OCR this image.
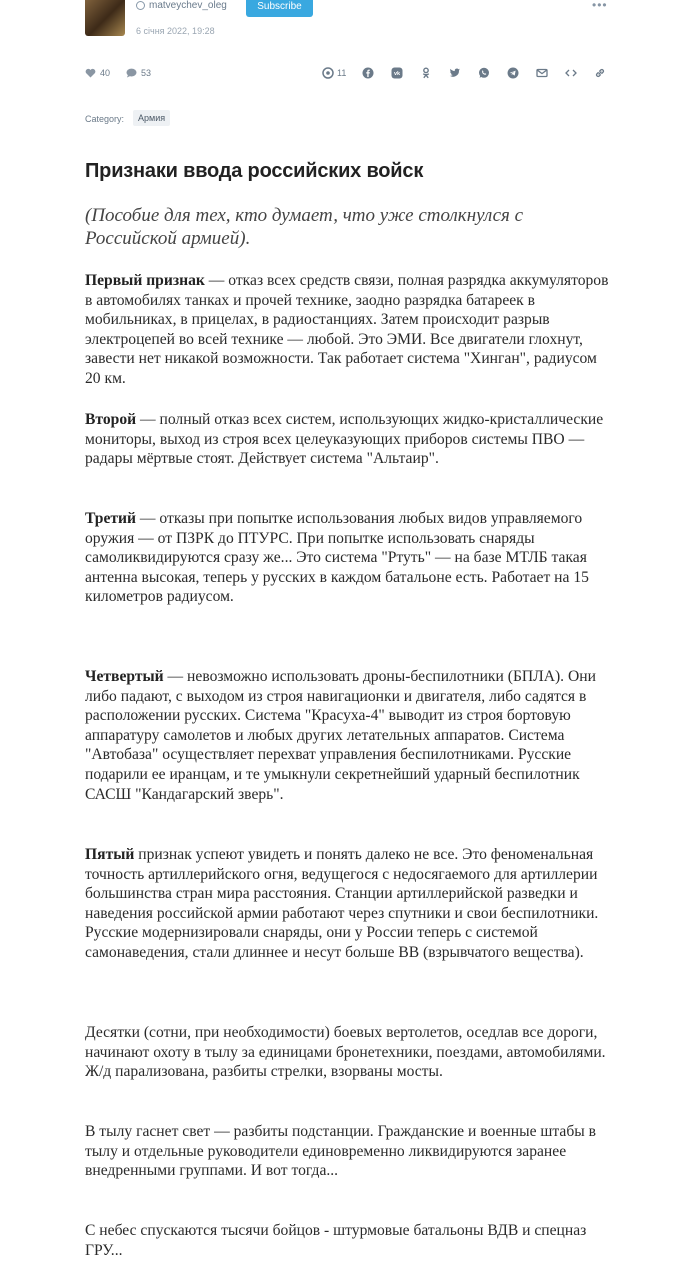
matveychev_oleg	Subscribe
6 січня 2022, 19:28
•••
40	53	11	vk
Category:	Армия
Признаки ввода российских войск

(Пособие для тех, кто думает, что уже столкнулся с Российской армией).

Первый признак — отказ всех средств связи, полная разрядка аккумуляторов в автомобилях танках и прочей технике, заодно разрядка батареек в мобильниках, в прицелах, в радиостанциях. Затем происходит разрыв электроцепей во всей технике — любой. Это ЭМИ. Все двигатели глохнут, завести нет никакой возможности. Так работает система "Хинган", радиусом 20 км.

Второй — полный отказ всех систем, использующих жидко-кристаллические мониторы, выход из строя всех целеуказующих приборов системы ПВО — радары мёртвые стоят. Действует система "Альтаир".

Третий — отказы при попытке использования любых видов управляемого оружия — от ПЗРК до ПТУРС. При попытке использовать снаряды самоликвидируются сразу же... Это система "Ртуть" — на базе МТЛБ такая антенна высокая, теперь у русских в каждом батальоне есть. Работает на 15 километров радиусом.

Четвертый — невозможно использовать дроны-беспилотники (БПЛА). Они либо падают, с выходом из строя навигационки и двигателя, либо садятся в расположении русских. Система "Красуха-4" выводит из строя бортовую аппаратуру самолетов и любых других летательных аппаратов. Система "Автобаза" осуществляет перехват управления беспилотниками. Русские подарили ее иранцам, и те умыкнули секретнейший ударный беспилотник САСШ "Кандагарский зверь".

Пятый признак успеют увидеть и понять далеко не все. Это феноменальная точность артиллерийского огня, ведущегося с недосягаемого для артиллерии большинства стран мира расстояния. Станции артиллерийской разведки и наведения российской армии работают через спутники и свои беспилотники. Русские модернизировали снаряды, они у России теперь с системой самонаведения, стали длиннее и несут больше ВВ (взрывчатого вещества).

Десятки (сотни, при необходимости) боевых вертолетов, оседлав все дороги, начинают охоту в тылу за единицами бронетехники, поездами, автомобилями. Ж/д парализована, разбиты стрелки, взорваны мосты.

В тылу гаснет свет — разбиты подстанции. Гражданские и военные штабы в тылу и отдельные руководители единовременно ликвидируются заранее внедренными группами. И вот тогда...

С небес спускаются тысячи бойцов - штурмовые батальоны ВДВ и спецназ ГРУ...
